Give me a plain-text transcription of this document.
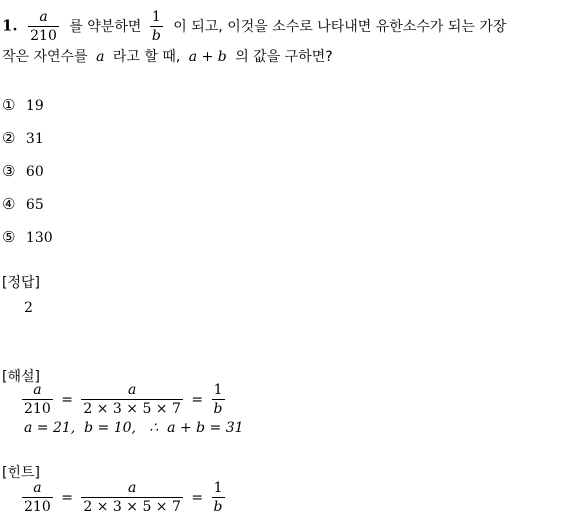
1. $\frac{a}{210}$ 를 약분하면 $\frac{1}{b}$ 이 되고, 이것을 소수로 나타내면 유한소수가 되는 가장
작은 자연수를 a 라고 할 때, a + b 의 값을 구하면?
① 19
② 31
③ 60
④ 65
⑤ 130
[정답]
2
[해설]
$\frac{a}{210} = \frac{a}{2 \times 3 \times 5 \times 7} = \frac{1}{b}$
a = 21,  b = 10,   ∴  a + b = 31
[힌트]
$\frac{a}{210} = \frac{a}{2 \times 3 \times 5 \times 7} = \frac{1}{b}$
